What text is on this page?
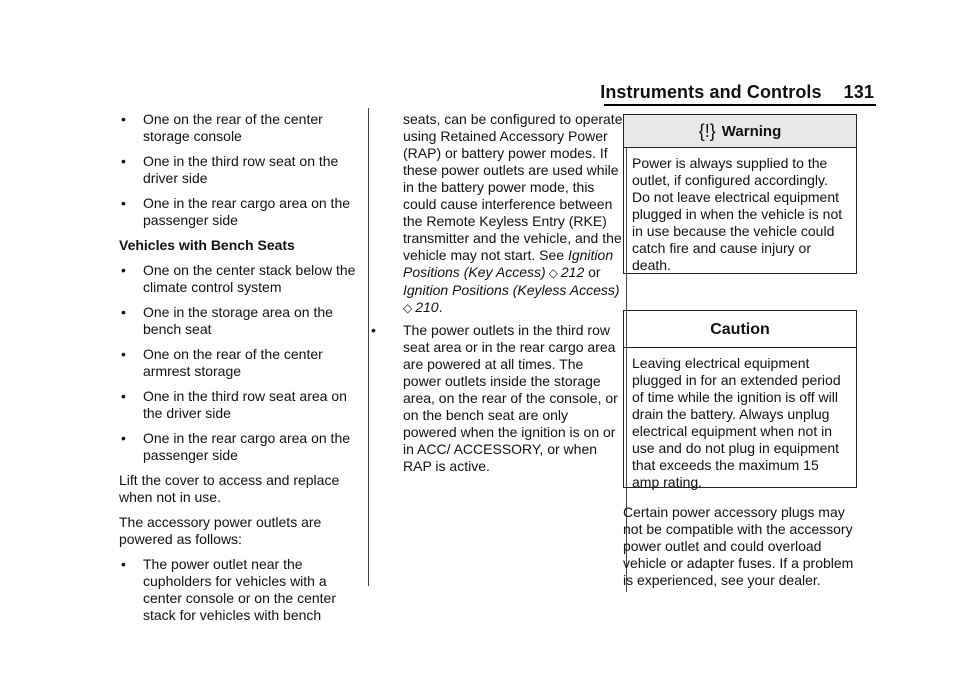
Instruments and Controls 131
•	One on the rear of the center storage console
•	One in the third row seat on the driver side
•	One in the rear cargo area on the passenger side
Vehicles with Bench Seats
•	One on the center stack below the climate control system
•	One in the storage area on the bench seat
•	One on the rear of the center armrest storage
•	One in the third row seat area on the driver side
•	One in the rear cargo area on the passenger side

Lift the cover to access and replace when not in use.

The accessory power outlets are powered as follows:

•	The power outlet near the cupholders for vehicles with a center console or on the center stack for vehicles with bench
seats, can be configured to operate using Retained Accessory Power (RAP) or battery power modes. If these power outlets are used while in the battery power mode, this could cause interference between the Remote Keyless Entry (RKE) transmitter and the vehicle, and the vehicle may not start. See Ignition Positions (Key Access) ◇ 212 or Ignition Positions (Keyless Access)
◇ 210.
•	The power outlets in the third row seat area or in the rear cargo area are powered at all times. The power outlets inside the storage area, on the rear of the console, or on the bench seat are only powered when the ignition is on or in ACC/ ACCESSORY, or when RAP is active.
{!} Warning
Power is always supplied to the outlet, if configured accordingly. Do not leave electrical equipment plugged in when the vehicle is not in use because the vehicle could catch fire and cause injury or death.
Caution
Leaving electrical equipment plugged in for an extended period of time while the ignition is off will drain the battery. Always unplug electrical equipment when not in use and do not plug in equipment that exceeds the maximum 15 amp rating.

Certain power accessory plugs may not be compatible with the accessory power outlet and could overload vehicle or adapter fuses. If a problem is experienced, see your dealer.
